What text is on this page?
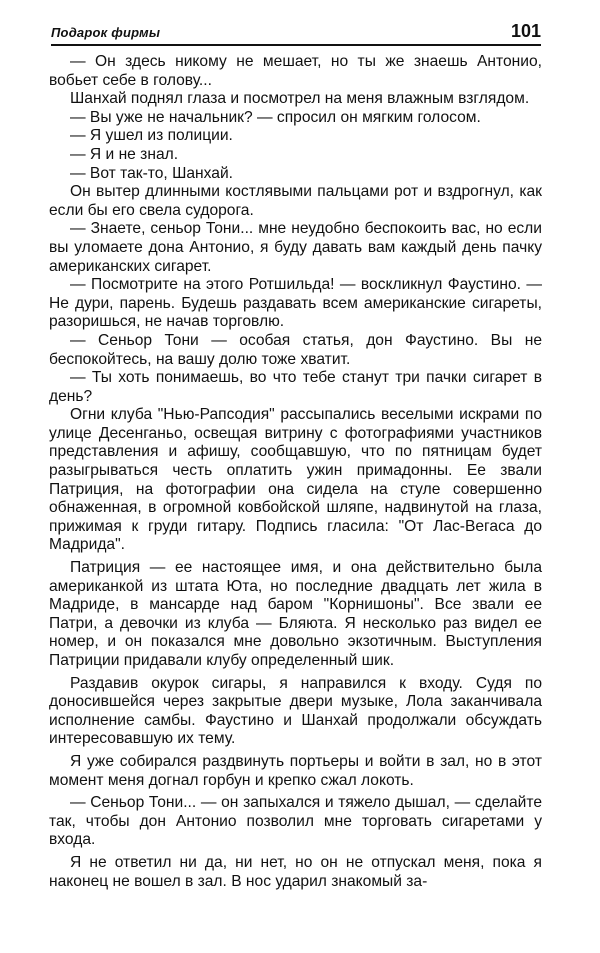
Подарок фирмы	101

— Он здесь никому не мешает, но ты же знаешь Антонио, вобьет себе в голову...

Шанхай поднял глаза и посмотрел на меня влажным взглядом.

— Вы уже не начальник? — спросил он мягким голосом.

— Я ушел из полиции.

— Я и не знал.

— Вот так-то, Шанхай.

Он вытер длинными костлявыми пальцами рот и вздрогнул, как если бы его свела судорога.

— Знаете, сеньор Тони... мне неудобно беспокоить вас, но если вы уломаете дона Антонио, я буду давать вам каждый день пачку американских сигарет.

— Посмотрите на этого Ротшильда! — воскликнул Фаустино. — Не дури, парень. Будешь раздавать всем американские сигареты, разоришься, не начав торговлю.

— Сеньор Тони — особая статья, дон Фаустино. Вы не беспокойтесь, на вашу долю тоже хватит.

— Ты хоть понимаешь, во что тебе станут три пачки сигарет в день?

Огни клуба "Нью-Рапсодия" рассыпались веселыми искрами по улице Десенганьо, освещая витрину с фотографиями участников представления и афишу, сообщавшую, что по пятницам будет разыгрываться честь оплатить ужин примадонны. Ее звали Патриция, на фотографии она сидела на стуле совершенно обнаженная, в огромной ковбойской шляпе, надвинутой на глаза, прижимая к груди гитару. Подпись гласила: "От Лас-Вегаса до Мадрида".

Патриция — ее настоящее имя, и она действительно была американкой из штата Юта, но последние двадцать лет жила в Мадриде, в мансарде над баром "Корнишоны". Все звали ее Патри, а девочки из клуба — Бляюта. Я несколько раз видел ее номер, и он показался мне довольно экзотичным. Выступления Патриции придавали клубу определенный шик.

Раздавив окурок сигары, я направился к входу. Судя по доносившейся через закрытые двери музыке, Лола заканчивала исполнение самбы. Фаустино и Шанхай продолжали обсуждать интересовавшую их тему.

Я уже собирался раздвинуть портьеры и войти в зал, но в этот момент меня догнал горбун и крепко сжал локоть.

— Сеньор Тони... — он запыхался и тяжело дышал, — сделайте так, чтобы дон Антонио позволил мне торговать сигаретами у входа.

Я не ответил ни да, ни нет, но он не отпускал меня, пока я наконец не вошел в зал. В нос ударил знакомый за-
